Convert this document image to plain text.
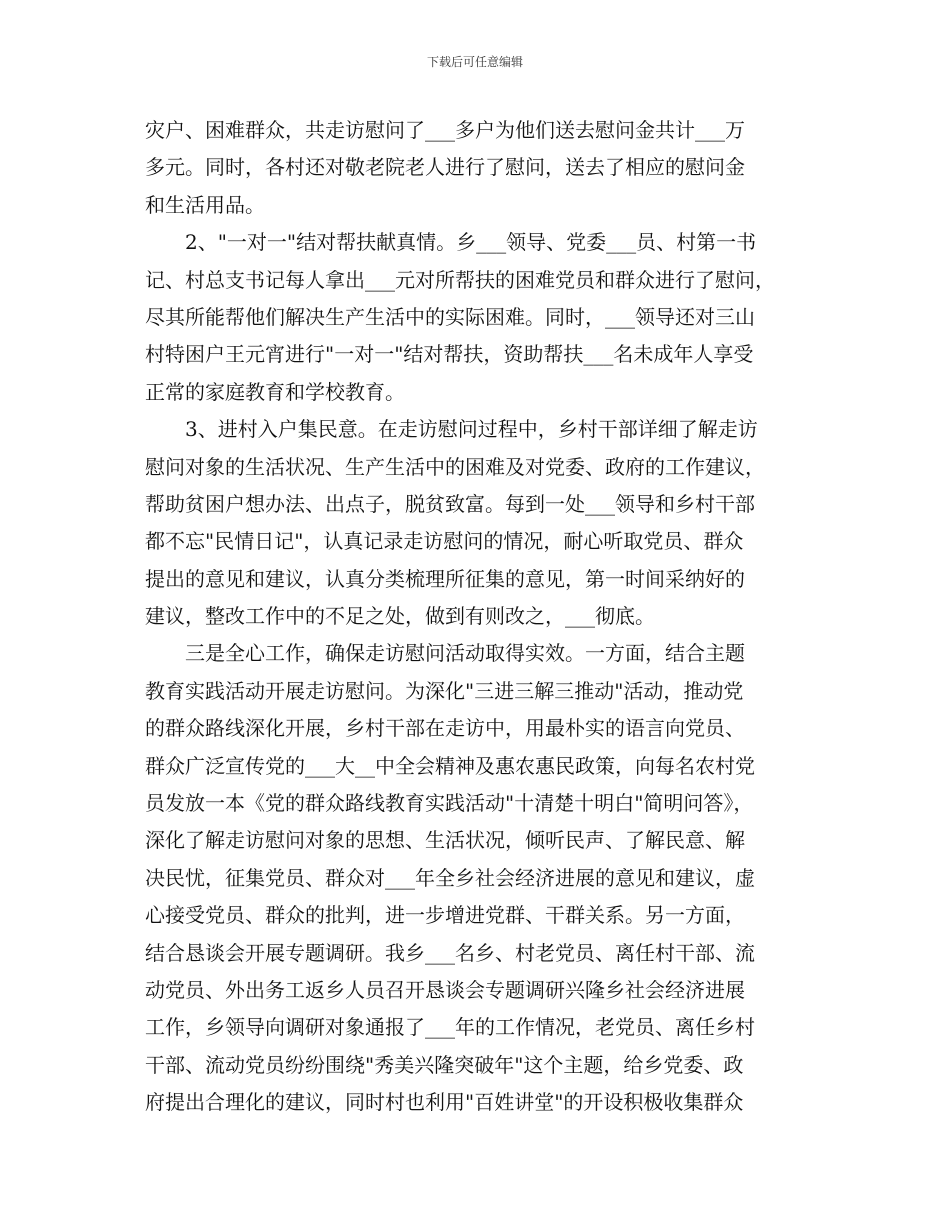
下载后可任意编辑
灾户、困难群众，共走访慰问了___多户为他们送去慰问金共计___万
多元。同时，各村还对敬老院老人进行了慰问，送去了相应的慰问金
和生活用品。
　　2、"一对一"结对帮扶献真情。乡___领导、党委___员、村第一书
记、村总支书记每人拿出___元对所帮扶的困难党员和群众进行了慰问，
尽其所能帮他们解决生产生活中的实际困难。同时，___领导还对三山
村特困户王元宵进行"一对一"结对帮扶，资助帮扶___名未成年人享受
正常的家庭教育和学校教育。
　　3、进村入户集民意。在走访慰问过程中，乡村干部详细了解走访
慰问对象的生活状况、生产生活中的困难及对党委、政府的工作建议，
帮助贫困户想办法、出点子，脱贫致富。每到一处___领导和乡村干部
都不忘"民情日记"，认真记录走访慰问的情况，耐心听取党员、群众
提出的意见和建议，认真分类梳理所征集的意见，第一时间采纳好的
建议，整改工作中的不足之处，做到有则改之，___彻底。
　　三是全心工作，确保走访慰问活动取得实效。一方面，结合主题
教育实践活动开展走访慰问。为深化"三进三解三推动"活动，推动党
的群众路线深化开展，乡村干部在走访中，用最朴实的语言向党员、
群众广泛宣传党的___大__中全会精神及惠农惠民政策，向每名农村党
员发放一本《党的群众路线教育实践活动"十清楚十明白"简明问答》，
深化了解走访慰问对象的思想、生活状况，倾听民声、了解民意、解
决民忧，征集党员、群众对___年全乡社会经济进展的意见和建议，虚
心接受党员、群众的批判，进一步增进党群、干群关系。另一方面，
结合恳谈会开展专题调研。我乡___名乡、村老党员、离任村干部、流
动党员、外出务工返乡人员召开恳谈会专题调研兴隆乡社会经济进展
工作，乡领导向调研对象通报了___年的工作情况，老党员、离任乡村
干部、流动党员纷纷围绕"秀美兴隆突破年"这个主题，给乡党委、政
府提出合理化的建议，同时村也利用"百姓讲堂"的开设积极收集群众
